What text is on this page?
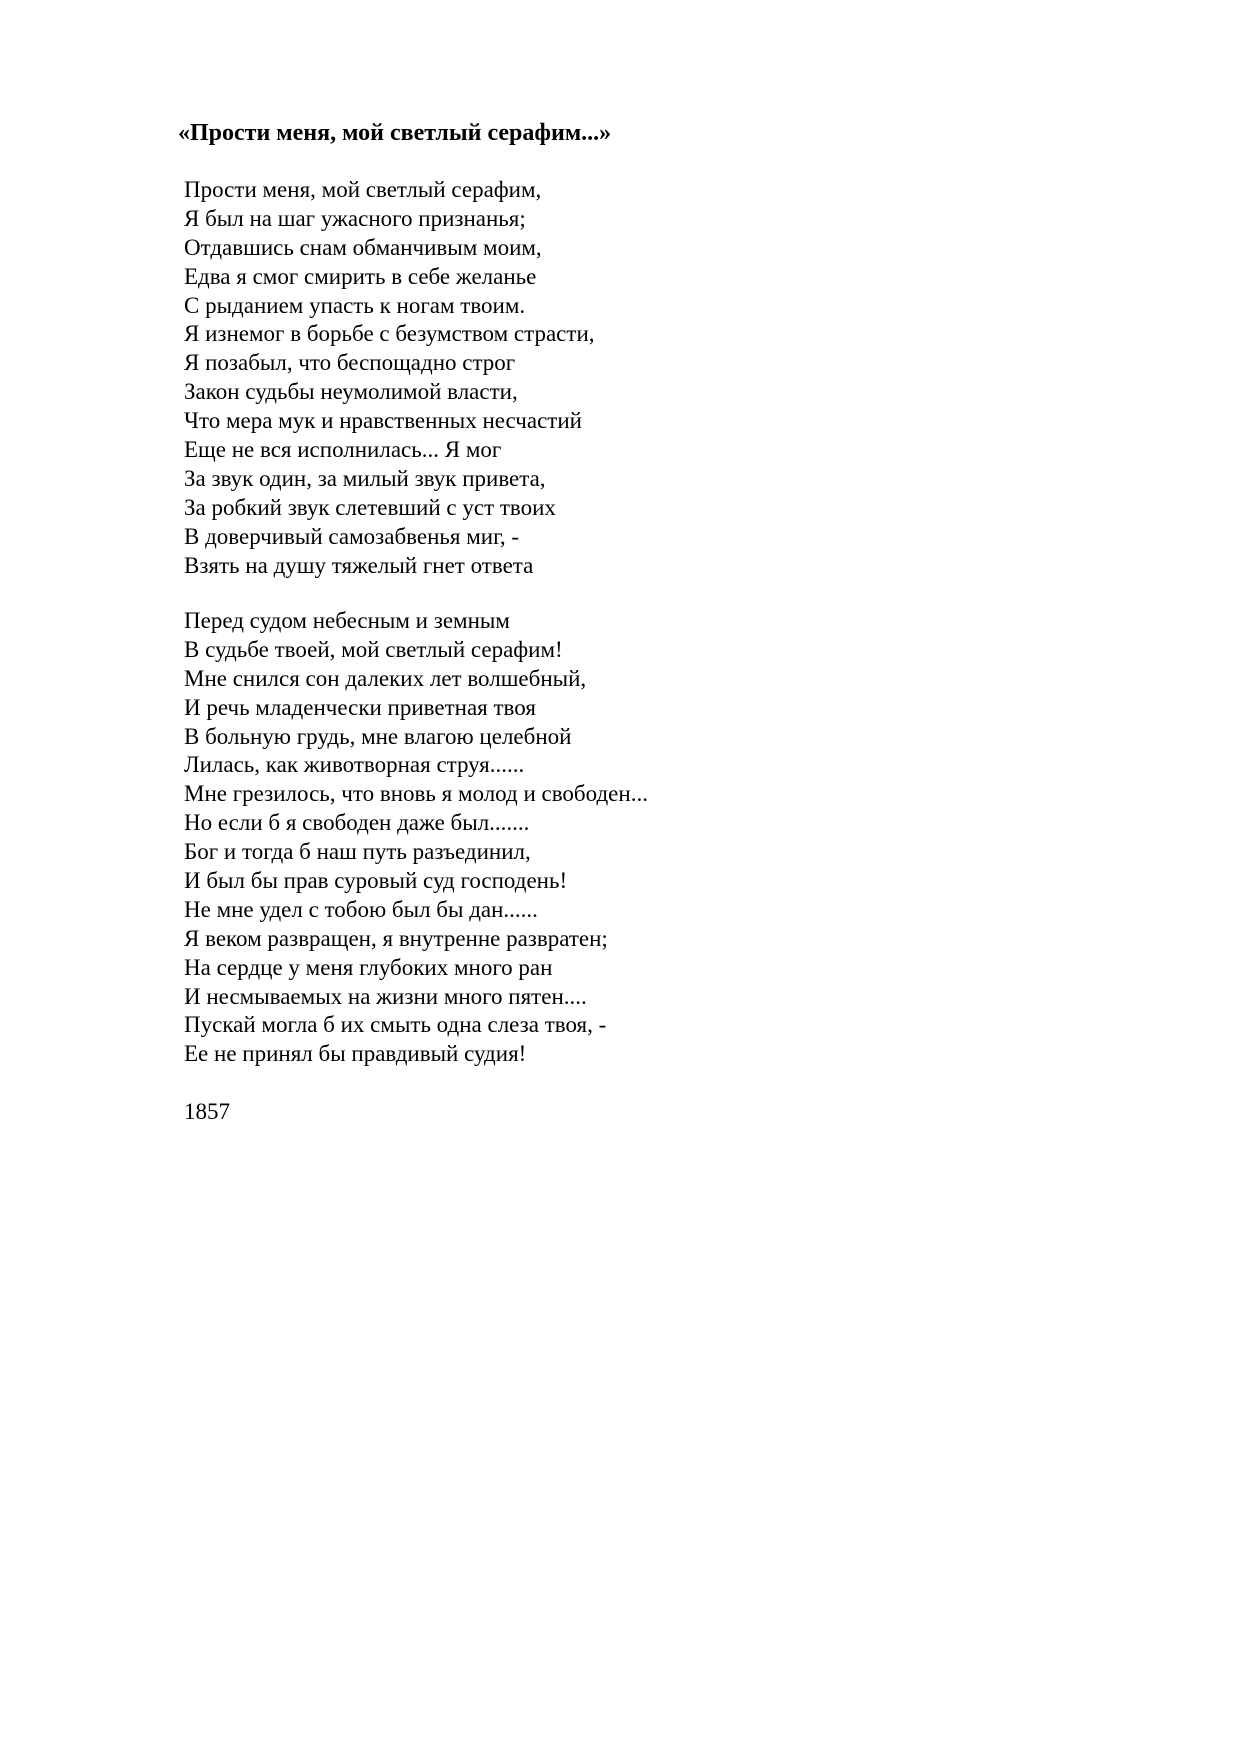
«Прости меня, мой светлый серафим...»
Прости меня, мой светлый серафим,
Я был на шаг ужасного признанья;
Отдавшись снам обманчивым моим,
Едва я смог смирить в себе желанье
С рыданием упасть к ногам твоим.
Я изнемог в борьбе с безумством страсти,
Я позабыл, что беспощадно строг
Закон судьбы неумолимой власти,
Что мера мук и нравственных несчастий
Еще не вся исполнилась... Я мог
За звук один, за милый звук привета,
За робкий звук слетевший с уст твоих
В доверчивый самозабвенья миг, -
Взять на душу тяжелый гнет ответа
Перед судом небесным и земным
В судьбе твоей, мой светлый серафим!
Мне снился сон далеких лет волшебный,
И речь младенчески приветная твоя
В больную грудь, мне влагою целебной
Лилась, как животворная струя......
Мне грезилось, что вновь я молод и свободен...
Но если б я свободен даже был.......
Бог и тогда б наш путь разъединил,
И был бы прав суровый суд господень!
Не мне удел с тобою был бы дан......
Я веком развращен, я внутренне развратен;
На сердце у меня глубоких много ран
И несмываемых на жизни много пятен....
Пускай могла б их смыть одна слеза твоя, -
Ее не принял бы правдивый судия!

1857
